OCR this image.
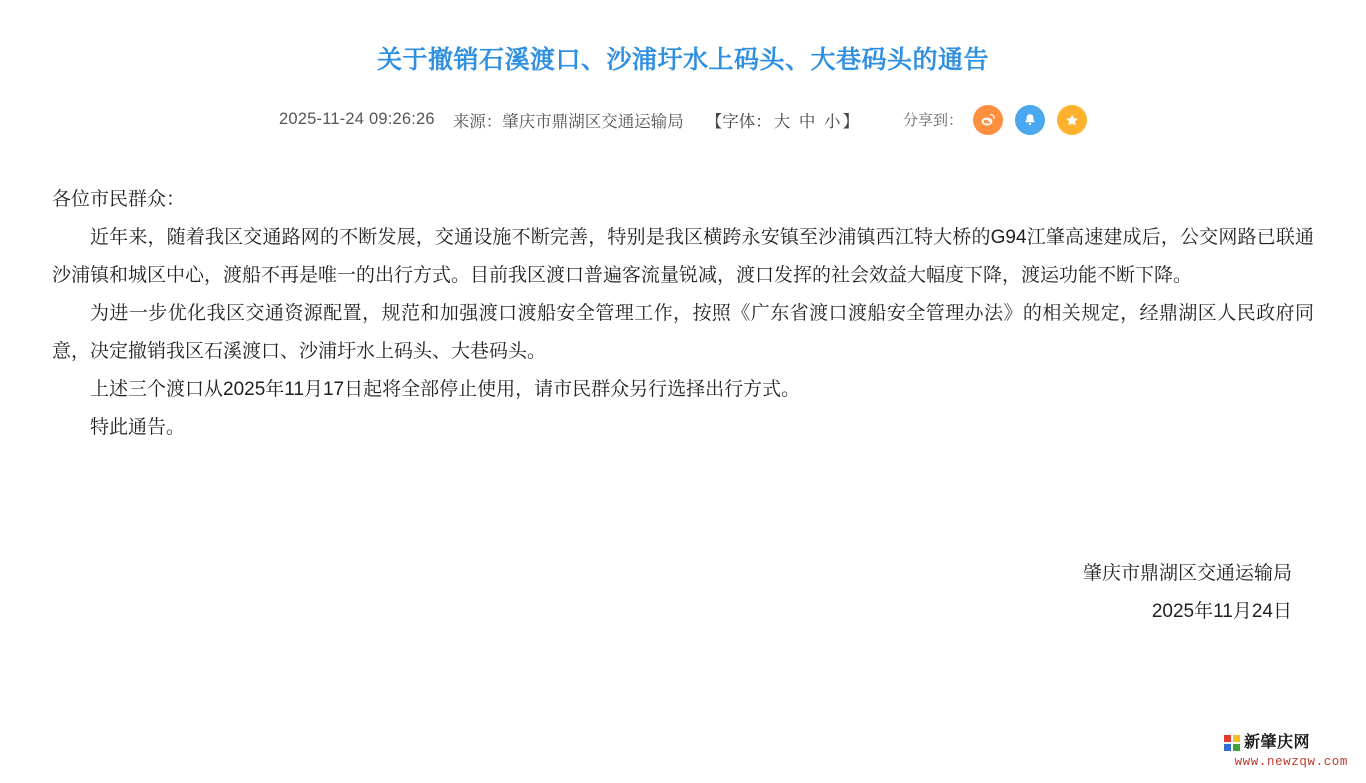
关于撤销石溪渡口、沙浦圩水上码头、大巷码头的通告
2025-11-24 09:26:26 来源：肇庆市鼎湖区交通运输局 【字体： 大 中 小 】	分享到：

各位市民群众：

近年来，随着我区交通路网的不断发展，交通设施不断完善，特别是我区横跨永安镇至沙浦镇西江特大桥的G94江肇高速建成后，公交网路已联通沙浦镇和城区中心，渡船不再是唯一的出行方式。目前我区渡口普遍客流量锐减，渡口发挥的社会效益大幅度下降，渡运功能不断下降。

为进一步优化我区交通资源配置，规范和加强渡口渡船安全管理工作，按照《广东省渡口渡船安全管理办法》的相关规定，经鼎湖区人民政府同意，决定撤销我区石溪渡口、沙浦圩水上码头、大巷码头。

上述三个渡口从2025年11月17日起将全部停止使用，请市民群众另行选择出行方式。

特此通告。

肇庆市鼎湖区交通运输局
2025年11月24日
新肇庆网
www.newzqw.com
